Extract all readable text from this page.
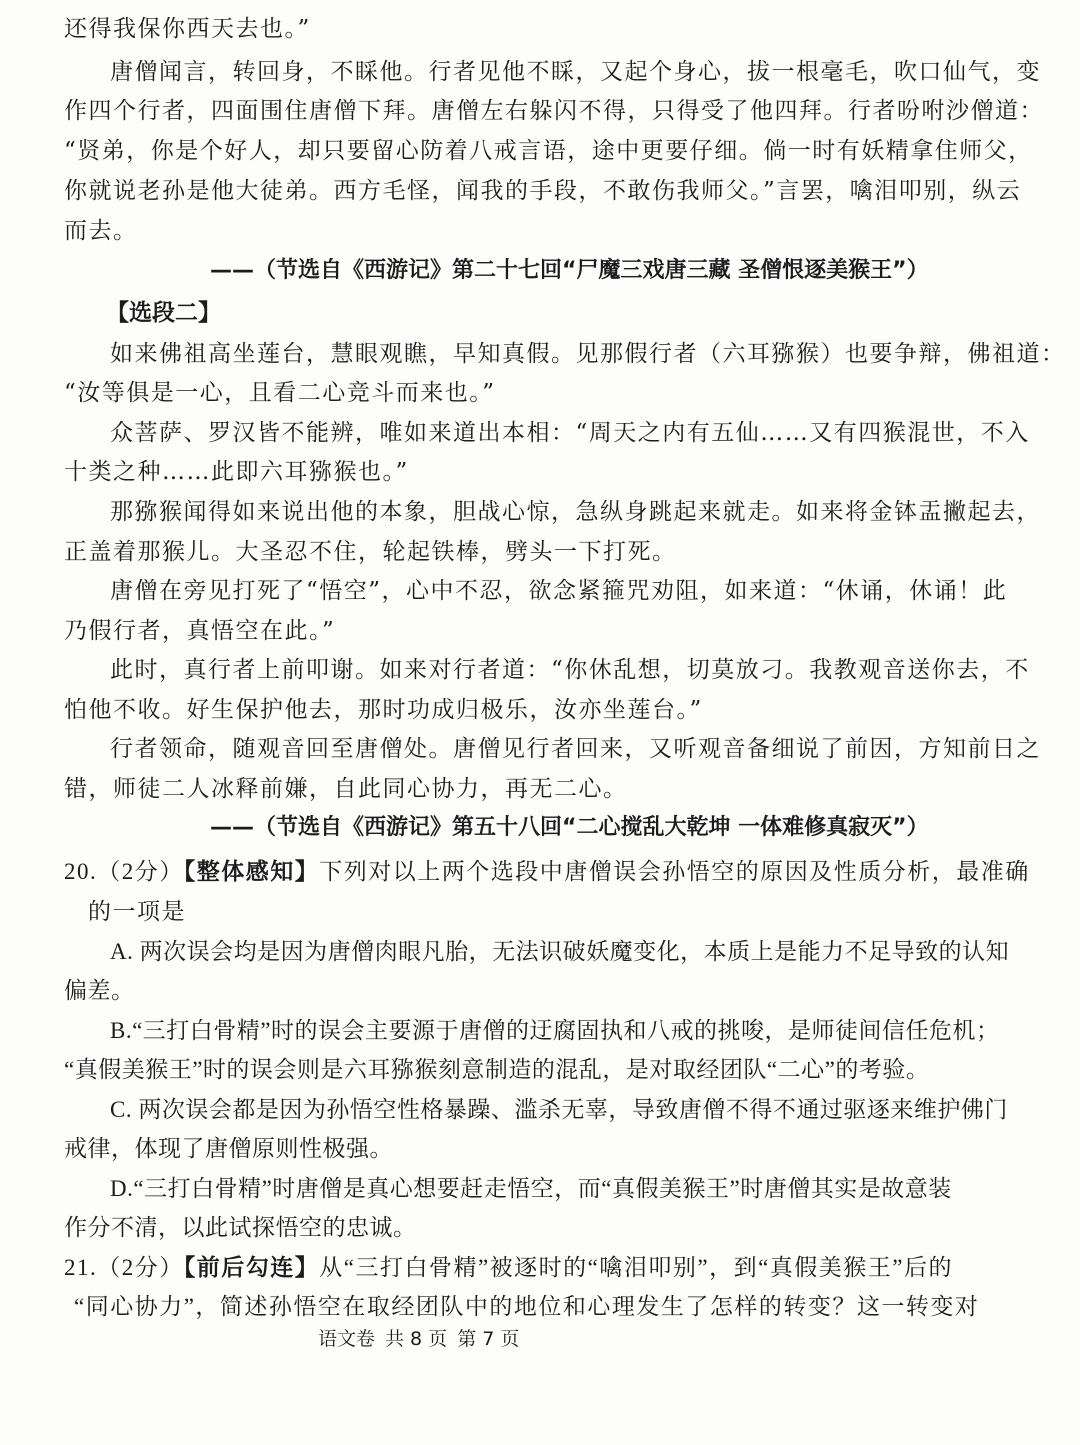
还得我保你西天去也。”
唐僧闻言，转回身，不睬他。行者见他不睬，又起个身心，拔一根毫毛，吹口仙气，变
作四个行者，四面围住唐僧下拜。唐僧左右躲闪不得，只得受了他四拜。行者吩咐沙僧道：
“贤弟，你是个好人，却只要留心防着八戒言语，途中更要仔细。倘一时有妖精拿住师父，
你就说老孙是他大徒弟。西方毛怪，闻我的手段，不敢伤我师父。”言罢，噙泪叩别，纵云
而去。
——（节选自《西游记》第二十七回“尸魔三戏唐三藏 圣僧恨逐美猴王”）
【选段二】
如来佛祖高坐莲台，慧眼观瞧，早知真假。见那假行者（六耳猕猴）也要争辩，佛祖道：
“汝等俱是一心，且看二心竞斗而来也。”
众菩萨、罗汉皆不能辨，唯如来道出本相：“周天之内有五仙……又有四猴混世，不入
十类之种……此即六耳猕猴也。”
那猕猴闻得如来说出他的本象，胆战心惊，急纵身跳起来就走。如来将金钵盂撇起去，
正盖着那猴儿。大圣忍不住，轮起铁棒，劈头一下打死。
唐僧在旁见打死了“悟空”，心中不忍，欲念紧箍咒劝阻，如来道：“休诵，休诵！此
乃假行者，真悟空在此。”
此时，真行者上前叩谢。如来对行者道：“你休乱想，切莫放刁。我教观音送你去，不
怕他不收。好生保护他去，那时功成归极乐，汝亦坐莲台。”
行者领命，随观音回至唐僧处。唐僧见行者回来，又听观音备细说了前因，方知前日之
错，师徒二人冰释前嫌，自此同心协力，再无二心。
——（节选自《西游记》第五十八回“二心搅乱大乾坤 一体难修真寂灭”）
20.（2分）【整体感知】下列对以上两个选段中唐僧误会孙悟空的原因及性质分析，最准确
的一项是
A. 两次误会均是因为唐僧肉眼凡胎，无法识破妖魔变化，本质上是能力不足导致的认知
偏差。
B.“三打白骨精”时的误会主要源于唐僧的迂腐固执和八戒的挑唆，是师徒间信任危机；
“真假美猴王”时的误会则是六耳猕猴刻意制造的混乱，是对取经团队“二心”的考验。
C. 两次误会都是因为孙悟空性格暴躁、滥杀无辜，导致唐僧不得不通过驱逐来维护佛门
戒律，体现了唐僧原则性极强。
D.“三打白骨精”时唐僧是真心想要赶走悟空，而“真假美猴王”时唐僧其实是故意装
作分不清，以此试探悟空的忠诚。
21.（2分）【前后勾连】从“三打白骨精”被逐时的“噙泪叩别”，到“真假美猴王”后的
“同心协力”，简述孙悟空在取经团队中的地位和心理发生了怎样的转变？这一转变对
语文卷 共 8 页 第 7 页
